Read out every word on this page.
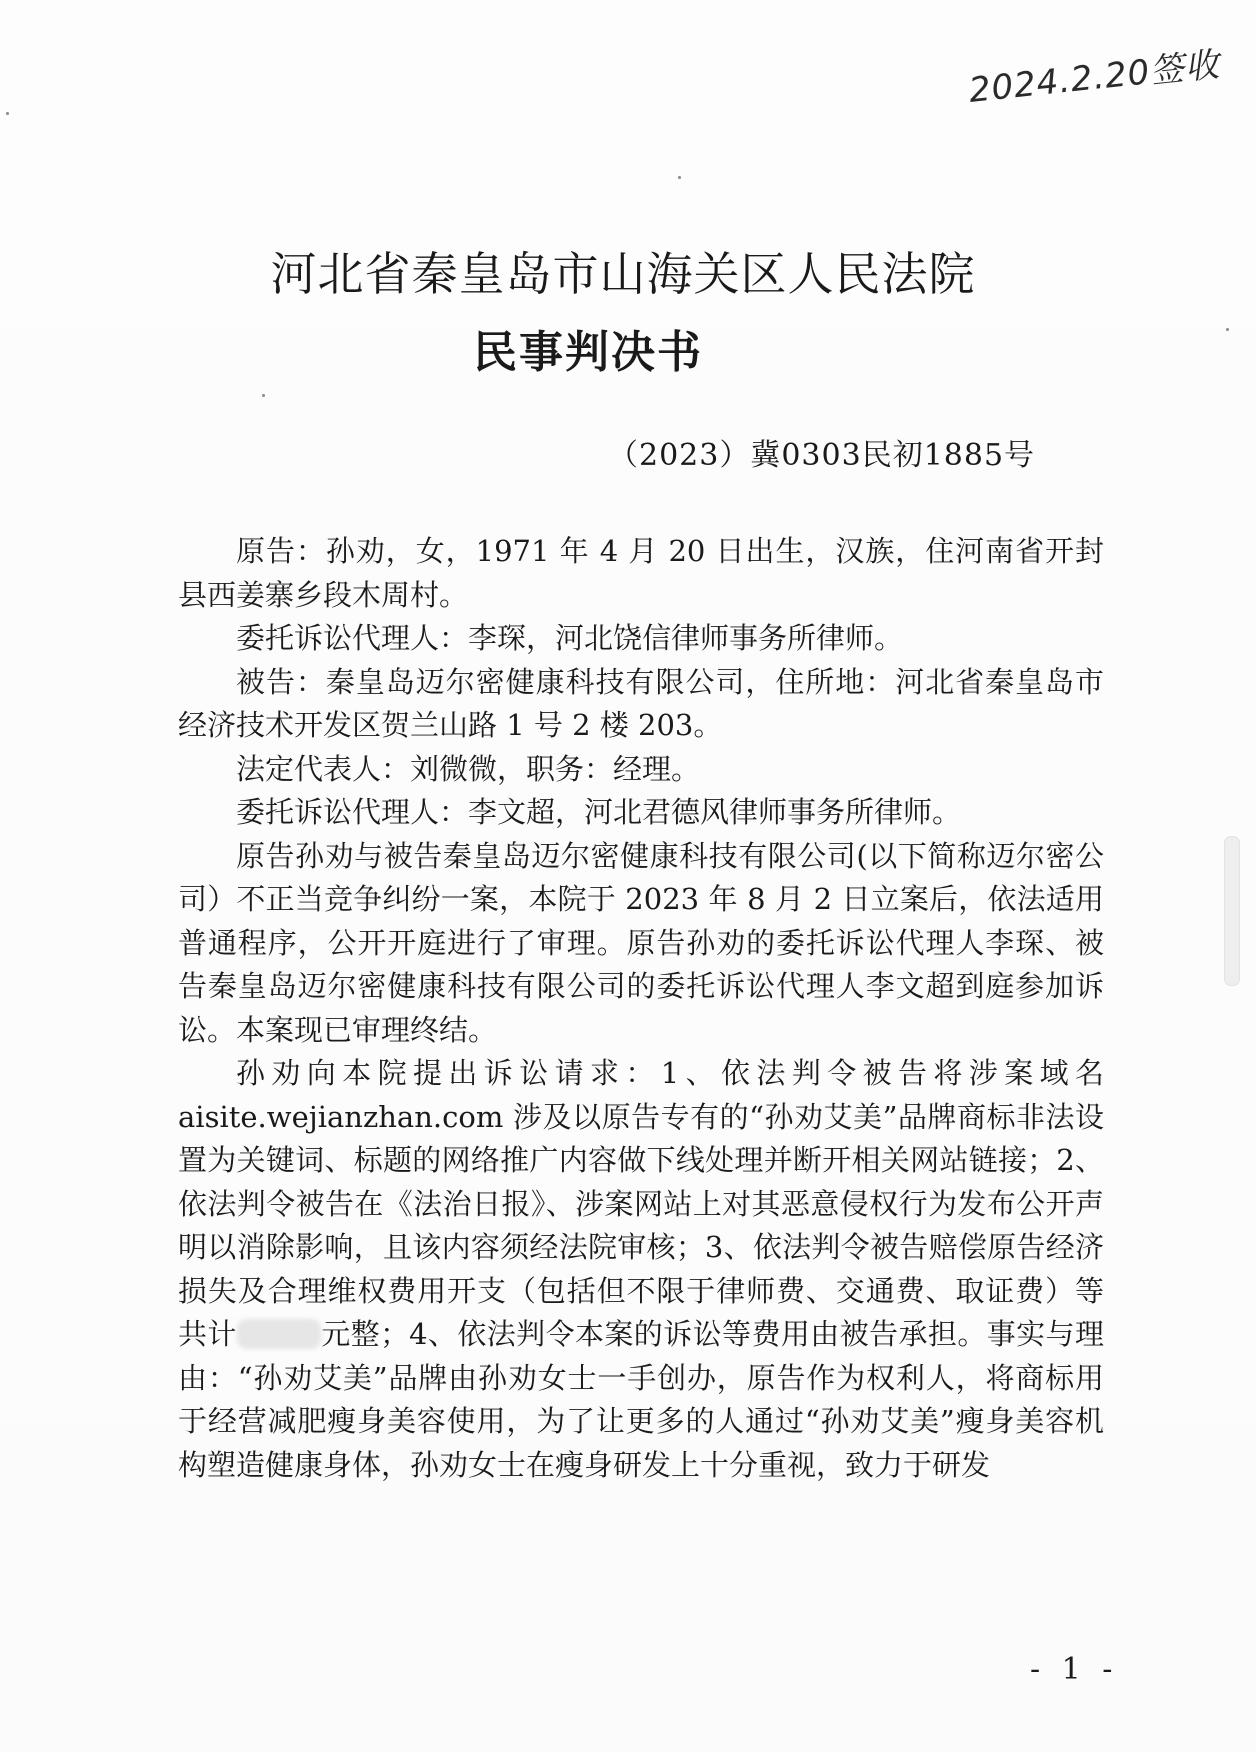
2024.2.20签收
河北省秦皇岛市山海关区人民法院
民事判决书
（2023）冀0303民初1885号

原告：孙劝，女，1971 年 4 月 20 日出生，汉族，住河南省开封县西姜寨乡段木周村。

委托诉讼代理人：李琛，河北饶信律师事务所律师。

被告：秦皇岛迈尔密健康科技有限公司，住所地：河北省秦皇岛市经济技术开发区贺兰山路 1 号 2 楼 203。

法定代表人：刘微微，职务：经理。

委托诉讼代理人：李文超，河北君德风律师事务所律师。

原告孙劝与被告秦皇岛迈尔密健康科技有限公司(以下简称迈尔密公司）不正当竞争纠纷一案，本院于 2023 年 8 月 2 日立案后，依法适用普通程序，公开开庭进行了审理。原告孙劝的委托诉讼代理人李琛、被告秦皇岛迈尔密健康科技有限公司的委托诉讼代理人李文超到庭参加诉讼。本案现已审理终结。

孙劝向本院提出诉讼请求：1、依法判令被告将涉案域名 aisite.wejianzhan.com 涉及以原告专有的“孙劝艾美”品牌商标非法设置为关键词、标题的网络推广内容做下线处理并断开相关网站链接；2、依法判令被告在《法治日报》、涉案网站上对其恶意侵权行为发布公开声明以消除影响，且该内容须经法院审核；3、依法判令被告赔偿原告经济损失及合理维权费用开支（包括但不限于律师费、交通费、取证费）等共计	元整；4、依法判令本案的诉讼等费用由被告承担。事实与理由：“孙劝艾美”品牌由孙劝女士一手创办，原告作为权利人，将商标用于经营减肥瘦身美容使用，为了让更多的人通过“孙劝艾美”瘦身美容机构塑造健康身体，孙劝女士在瘦身研发上十分重视，致力于研发

- 1 -
